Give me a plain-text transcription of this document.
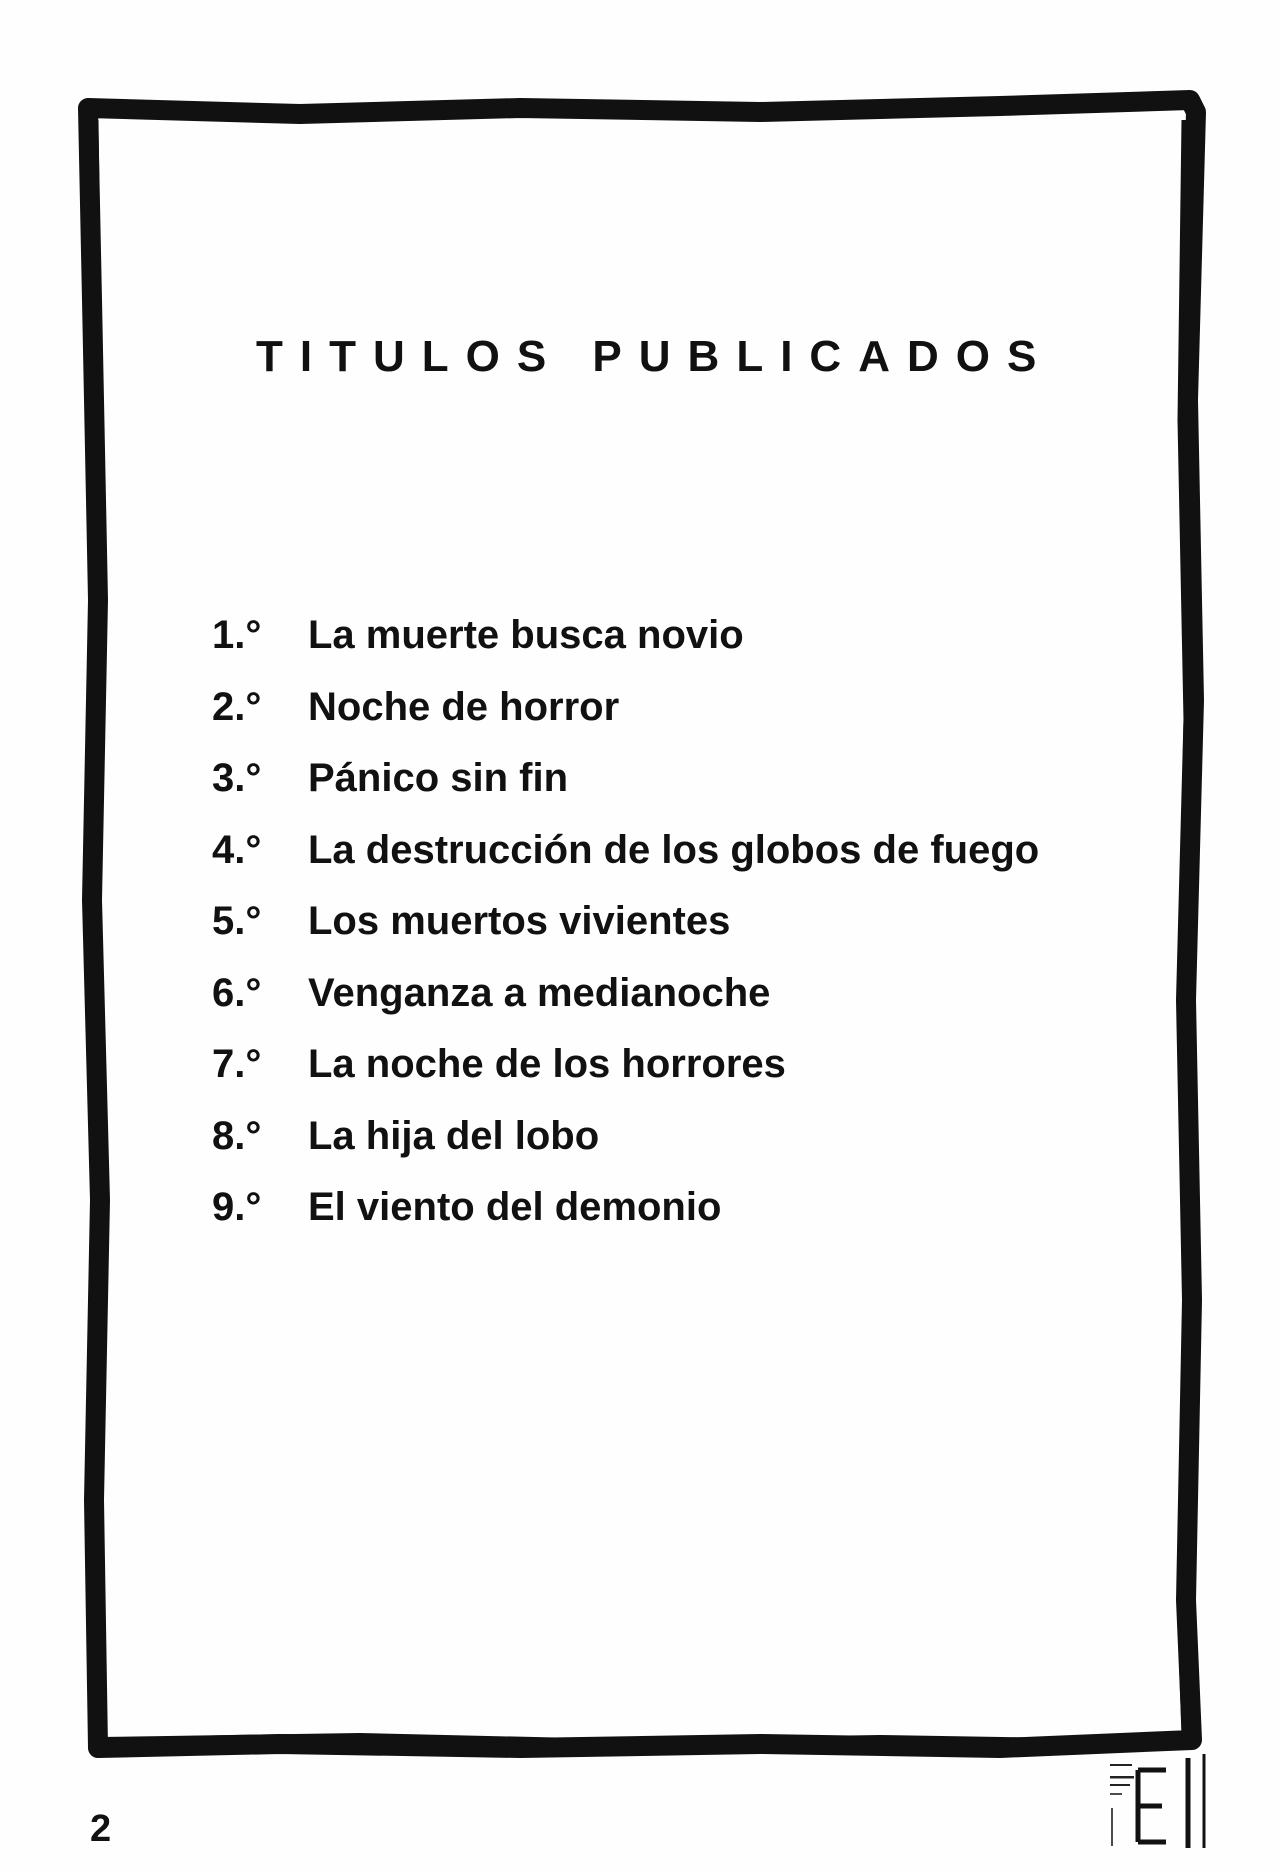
TITULOS PUBLICADOS
1.°	La muerte busca novio
2.°	Noche de horror
3.°	Pánico sin fin
4.°	La destrucción de los globos de fuego
5.°	Los muertos vivientes
6.°	Venganza a medianoche
7.°	La noche de los horrores
8.°	La hija del lobo
9.°	El viento del demonio
2
